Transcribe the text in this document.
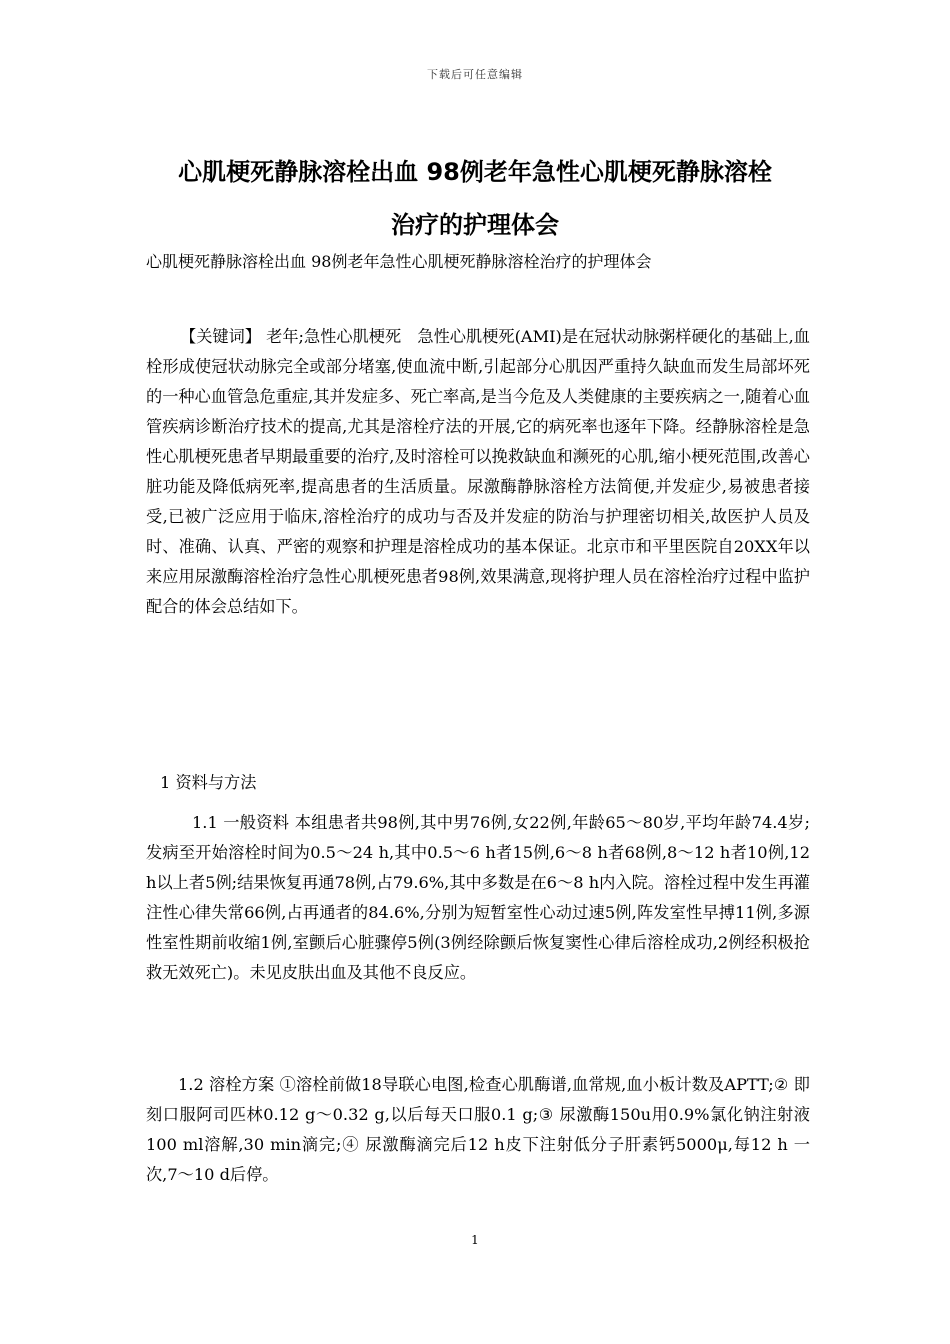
下载后可任意编辑
心肌梗死静脉溶栓出血 98例老年急性心肌梗死静脉溶栓
治疗的护理体会
心肌梗死静脉溶栓出血 98例老年急性心肌梗死静脉溶栓治疗的护理体会

【关键词】 老年;急性心肌梗死　急性心肌梗死(AMI)是在冠状动脉粥样硬化的基础上,血栓形成使冠状动脉完全或部分堵塞,使血流中断,引起部分心肌因严重持久缺血而发生局部坏死的一种心血管急危重症,其并发症多、死亡率高,是当今危及人类健康的主要疾病之一,随着心血管疾病诊断治疗技术的提高,尤其是溶栓疗法的开展,它的病死率也逐年下降。经静脉溶栓是急性心肌梗死患者早期最重要的治疗,及时溶栓可以挽救缺血和濒死的心肌,缩小梗死范围,改善心脏功能及降低病死率,提高患者的生活质量。尿激酶静脉溶栓方法简便,并发症少,易被患者接受,已被广泛应用于临床,溶栓治疗的成功与否及并发症的防治与护理密切相关,故医护人员及时、准确、认真、严密的观察和护理是溶栓成功的基本保证。北京市和平里医院自20XX年以来应用尿激酶溶栓治疗急性心肌梗死患者98例,效果满意,现将护理人员在溶栓治疗过程中监护配合的体会总结如下。

1 资料与方法

1.1 一般资料 本组患者共98例,其中男76例,女22例,年龄65～80岁,平均年龄74.4岁;发病至开始溶栓时间为0.5～24 h,其中0.5～6 h者15例,6～8 h者68例,8～12 h者10例,12 h以上者5例;结果恢复再通78例,占79.6%,其中多数是在6～8 h内入院。溶栓过程中发生再灌注性心律失常66例,占再通者的84.6%,分别为短暂室性心动过速5例,阵发室性早搏11例,多源性室性期前收缩1例,室颤后心脏骤停5例(3例经除颤后恢复窦性心律后溶栓成功,2例经积极抢救无效死亡)。未见皮肤出血及其他不良反应。

1.2 溶栓方案 ①溶栓前做18导联心电图,检查心肌酶谱,血常规,血小板计数及APTT;② 即刻口服阿司匹林0.12 g～0.32 g,以后每天口服0.1 g;③ 尿激酶150u用0.9%氯化钠注射液100 ml溶解,30 min滴完;④ 尿激酶滴完后12 h皮下注射低分子肝素钙5000μ,每12 h 一次,7～10 d后停。

1
